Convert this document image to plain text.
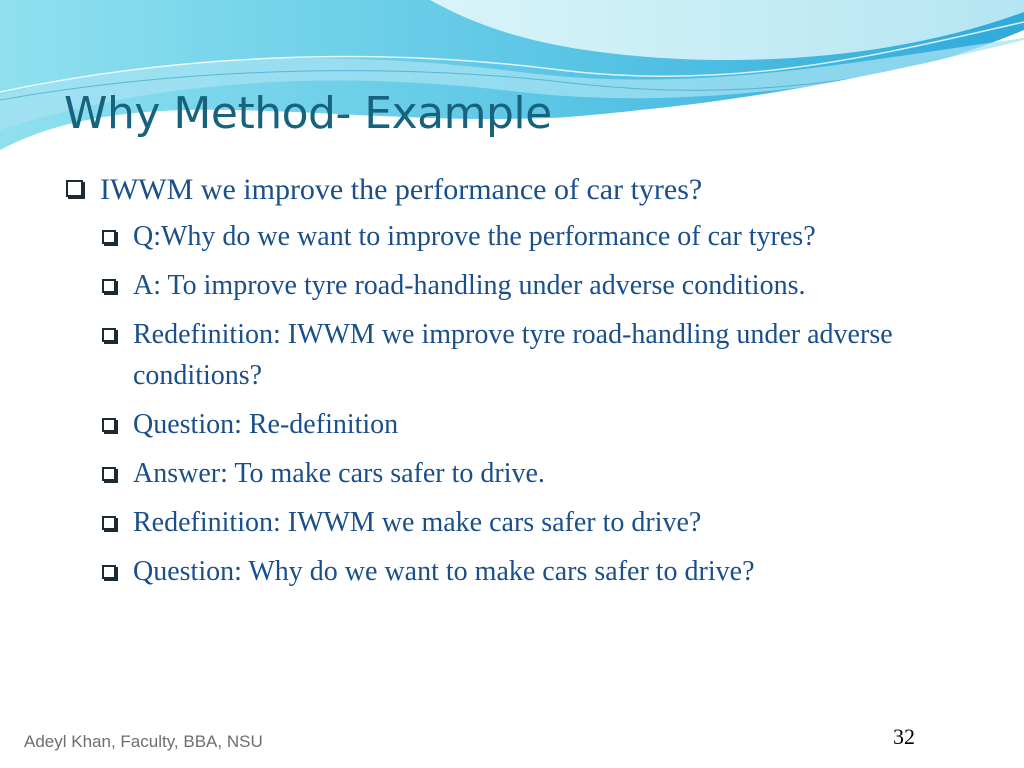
Why Method- Example
IWWM we improve the performance of car tyres?
Q:Why do we want to improve the performance of car tyres?
A: To improve tyre road-handling under adverse conditions.
Redefinition: IWWM we improve tyre road-handling under adverse conditions?
Question: Re-definition
Answer: To make cars safer to drive.
Redefinition: IWWM we make cars safer to drive?
Question: Why do we want to make cars safer to drive?
Adeyl Khan, Faculty, BBA, NSU	32
